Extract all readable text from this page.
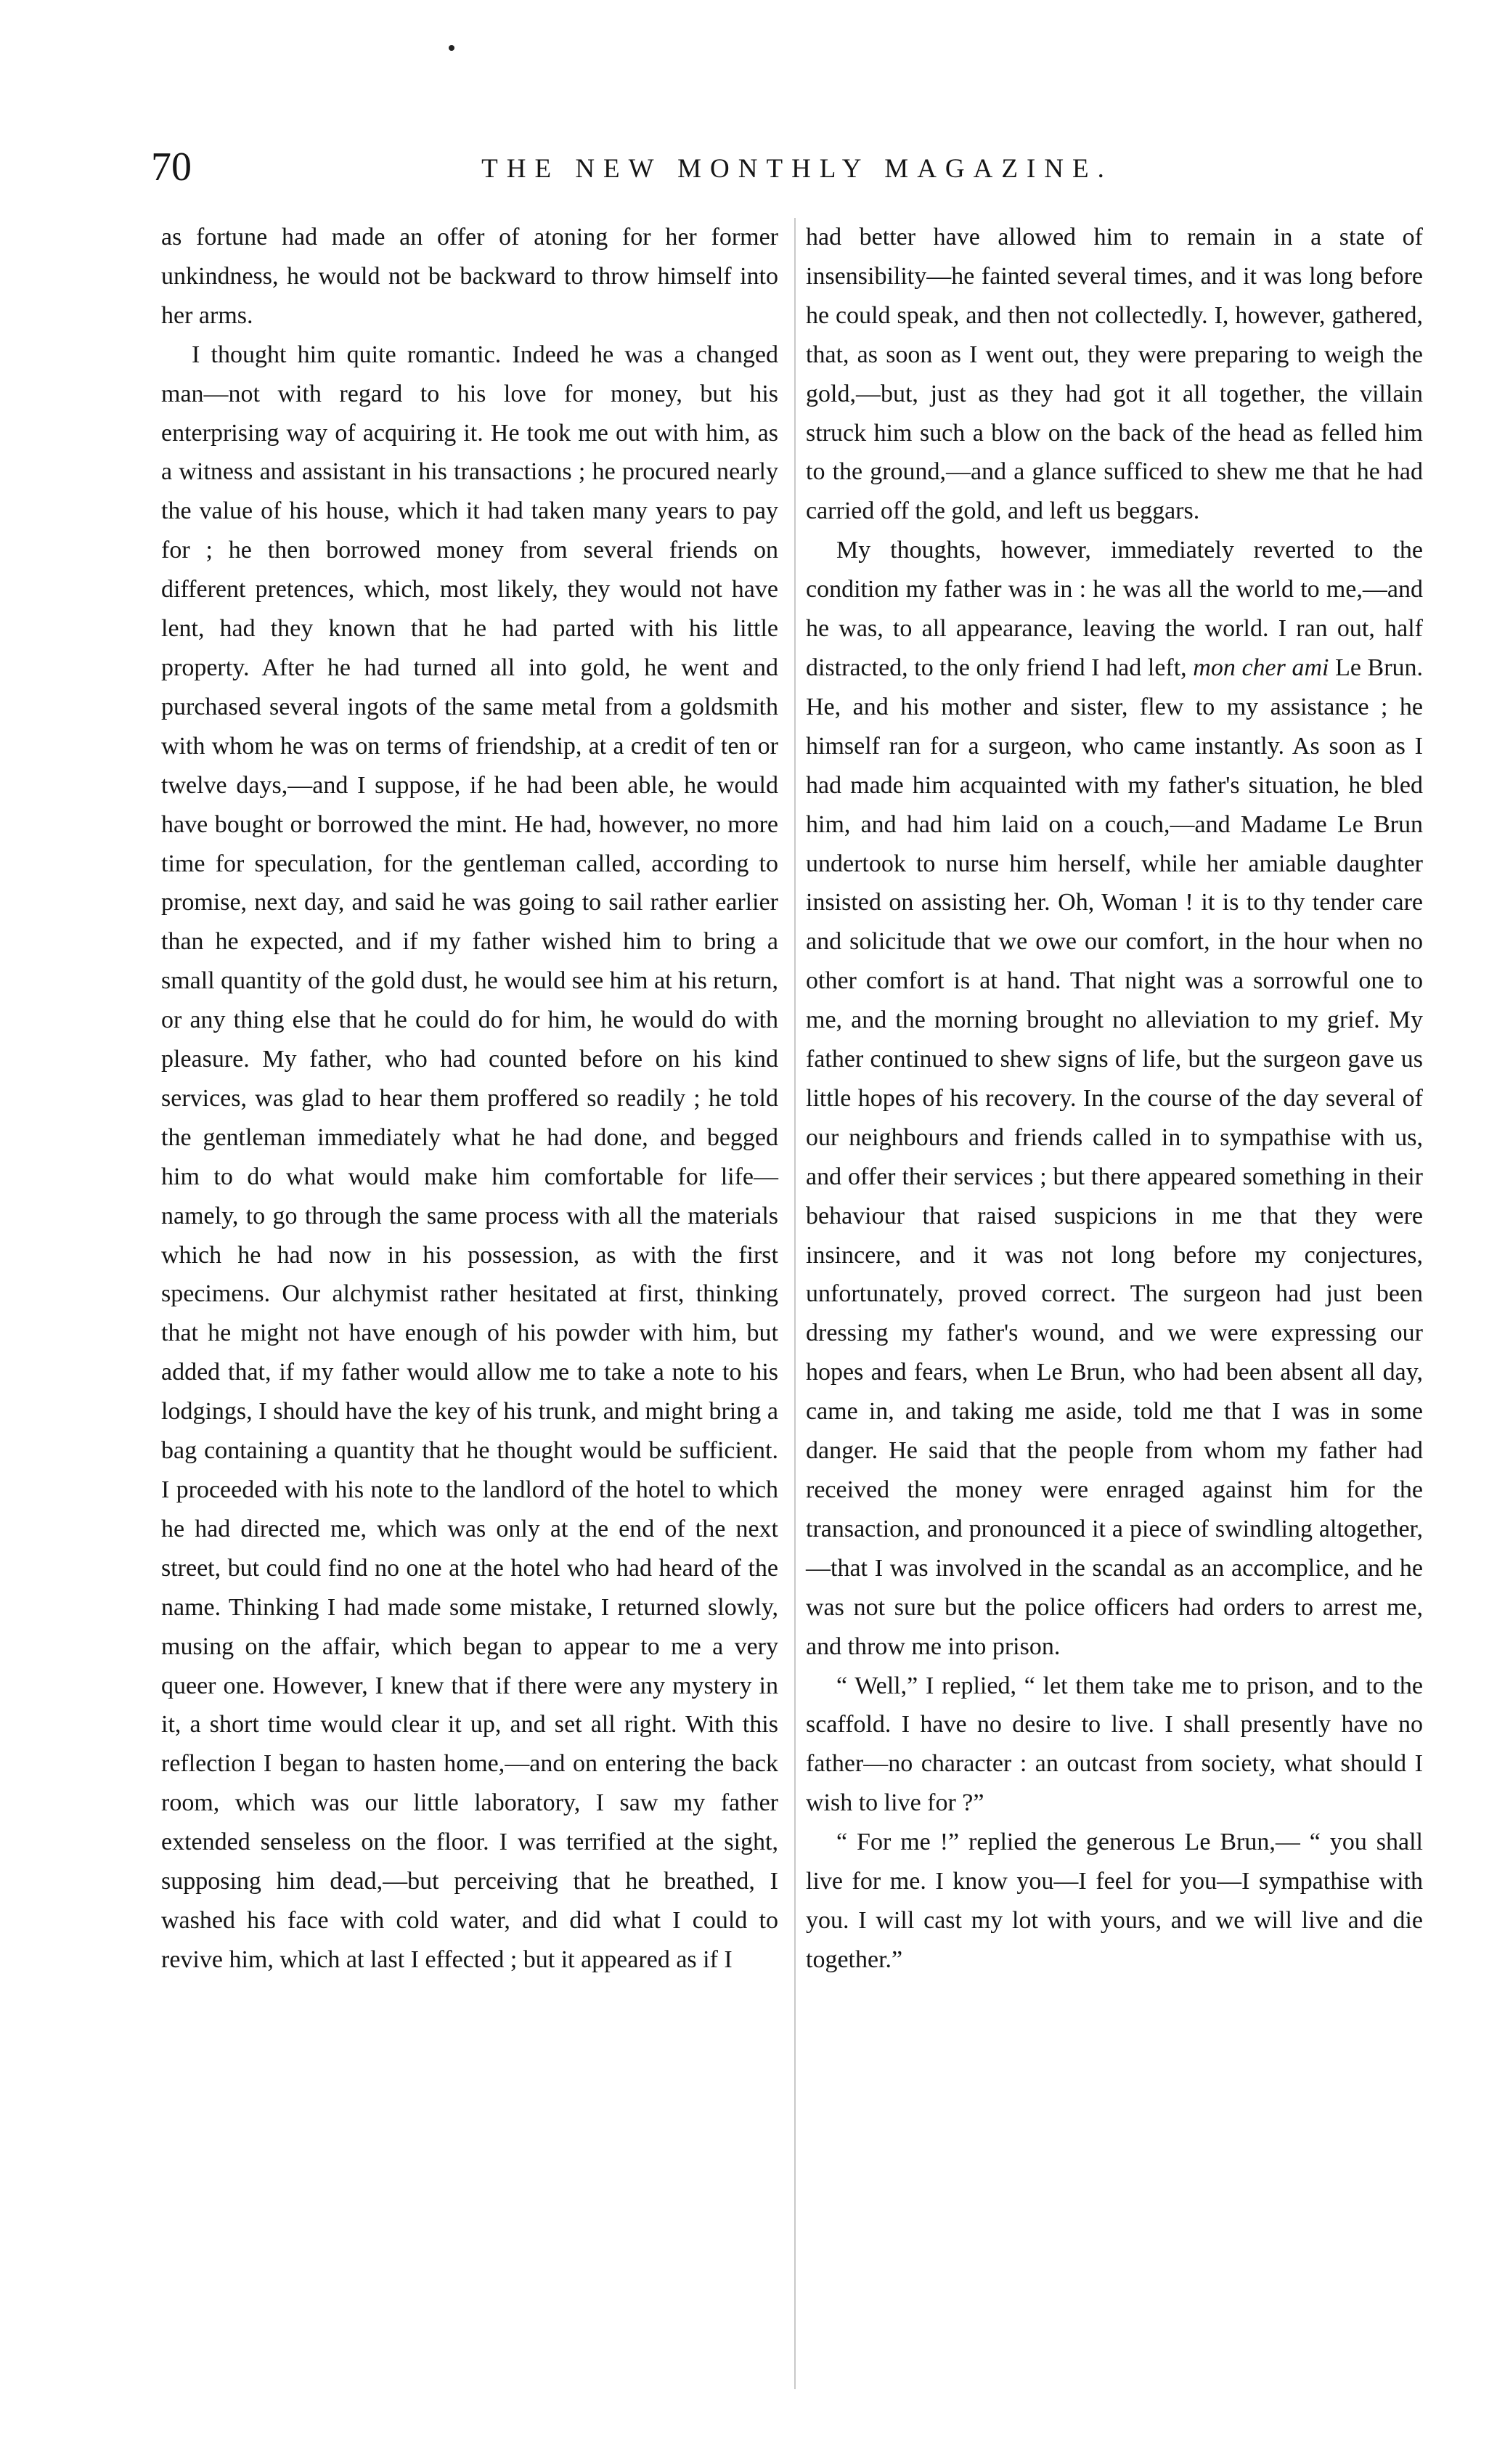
70	THE NEW MONTHLY MAGAZINE.

as fortune had made an offer of atoning for her former unkindness, he would not be backward to throw himself into her arms.

I thought him quite romantic. Indeed he was a changed man—not with regard to his love for money, but his enterprising way of acquiring it. He took me out with him, as a witness and assistant in his transactions ; he procured nearly the value of his house, which it had taken many years to pay for ; he then borrowed money from several friends on different pretences, which, most likely, they would not have lent, had they known that he had parted with his little property. After he had turned all into gold, he went and purchased several ingots of the same metal from a goldsmith with whom he was on terms of friendship, at a credit of ten or twelve days,—and I suppose, if he had been able, he would have bought or borrowed the mint. He had, however, no more time for speculation, for the gentleman called, according to promise, next day, and said he was going to sail rather earlier than he expected, and if my father wished him to bring a small quantity of the gold dust, he would see him at his return, or any thing else that he could do for him, he would do with pleasure. My father, who had counted before on his kind services, was glad to hear them proffered so readily ; he told the gentleman immediately what he had done, and begged him to do what would make him comfortable for life—namely, to go through the same process with all the materials which he had now in his possession, as with the first specimens. Our alchymist rather hesitated at first, thinking that he might not have enough of his powder with him, but added that, if my father would allow me to take a note to his lodgings, I should have the key of his trunk, and might bring a bag containing a quantity that he thought would be sufficient. I proceeded with his note to the landlord of the hotel to which he had directed me, which was only at the end of the next street, but could find no one at the hotel who had heard of the name. Thinking I had made some mistake, I returned slowly, musing on the affair, which began to appear to me a very queer one. However, I knew that if there were any mystery in it, a short time would clear it up, and set all right. With this reflection I began to hasten home,—and on entering the back room, which was our little laboratory, I saw my father extended senseless on the floor. I was terrified at the sight, supposing him dead,—but perceiving that he breathed, I washed his face with cold water, and did what I could to revive him, which at last I effected ; but it appeared as if I

had better have allowed him to remain in a state of insensibility—he fainted several times, and it was long before he could speak, and then not collectedly. I, however, gathered, that, as soon as I went out, they were preparing to weigh the gold,—but, just as they had got it all together, the villain struck him such a blow on the back of the head as felled him to the ground,—and a glance sufficed to shew me that he had carried off the gold, and left us beggars.

My thoughts, however, immediately reverted to the condition my father was in : he was all the world to me,—and he was, to all appearance, leaving the world. I ran out, half distracted, to the only friend I had left, mon cher ami Le Brun. He, and his mother and sister, flew to my assistance ; he himself ran for a surgeon, who came instantly. As soon as I had made him acquainted with my father's situation, he bled him, and had him laid on a couch,—and Madame Le Brun undertook to nurse him herself, while her amiable daughter insisted on assisting her. Oh, Woman ! it is to thy tender care and solicitude that we owe our comfort, in the hour when no other comfort is at hand. That night was a sorrowful one to me, and the morning brought no alleviation to my grief. My father continued to shew signs of life, but the surgeon gave us little hopes of his recovery. In the course of the day several of our neighbours and friends called in to sympathise with us, and offer their services ; but there appeared something in their behaviour that raised suspicions in me that they were insincere, and it was not long before my conjectures, unfortunately, proved correct. The surgeon had just been dressing my father's wound, and we were expressing our hopes and fears, when Le Brun, who had been absent all day, came in, and taking me aside, told me that I was in some danger. He said that the people from whom my father had received the money were enraged against him for the transaction, and pronounced it a piece of swindling altogether,—that I was involved in the scandal as an accomplice, and he was not sure but the police officers had orders to arrest me, and throw me into prison.

“ Well,” I replied, “ let them take me to prison, and to the scaffold. I have no desire to live. I shall presently have no father—no character : an outcast from society, what should I wish to live for ?”

“ For me !” replied the generous Le Brun,— “ you shall live for me. I know you—I feel for you—I sympathise with you. I will cast my lot with yours, and we will live and die together.”
